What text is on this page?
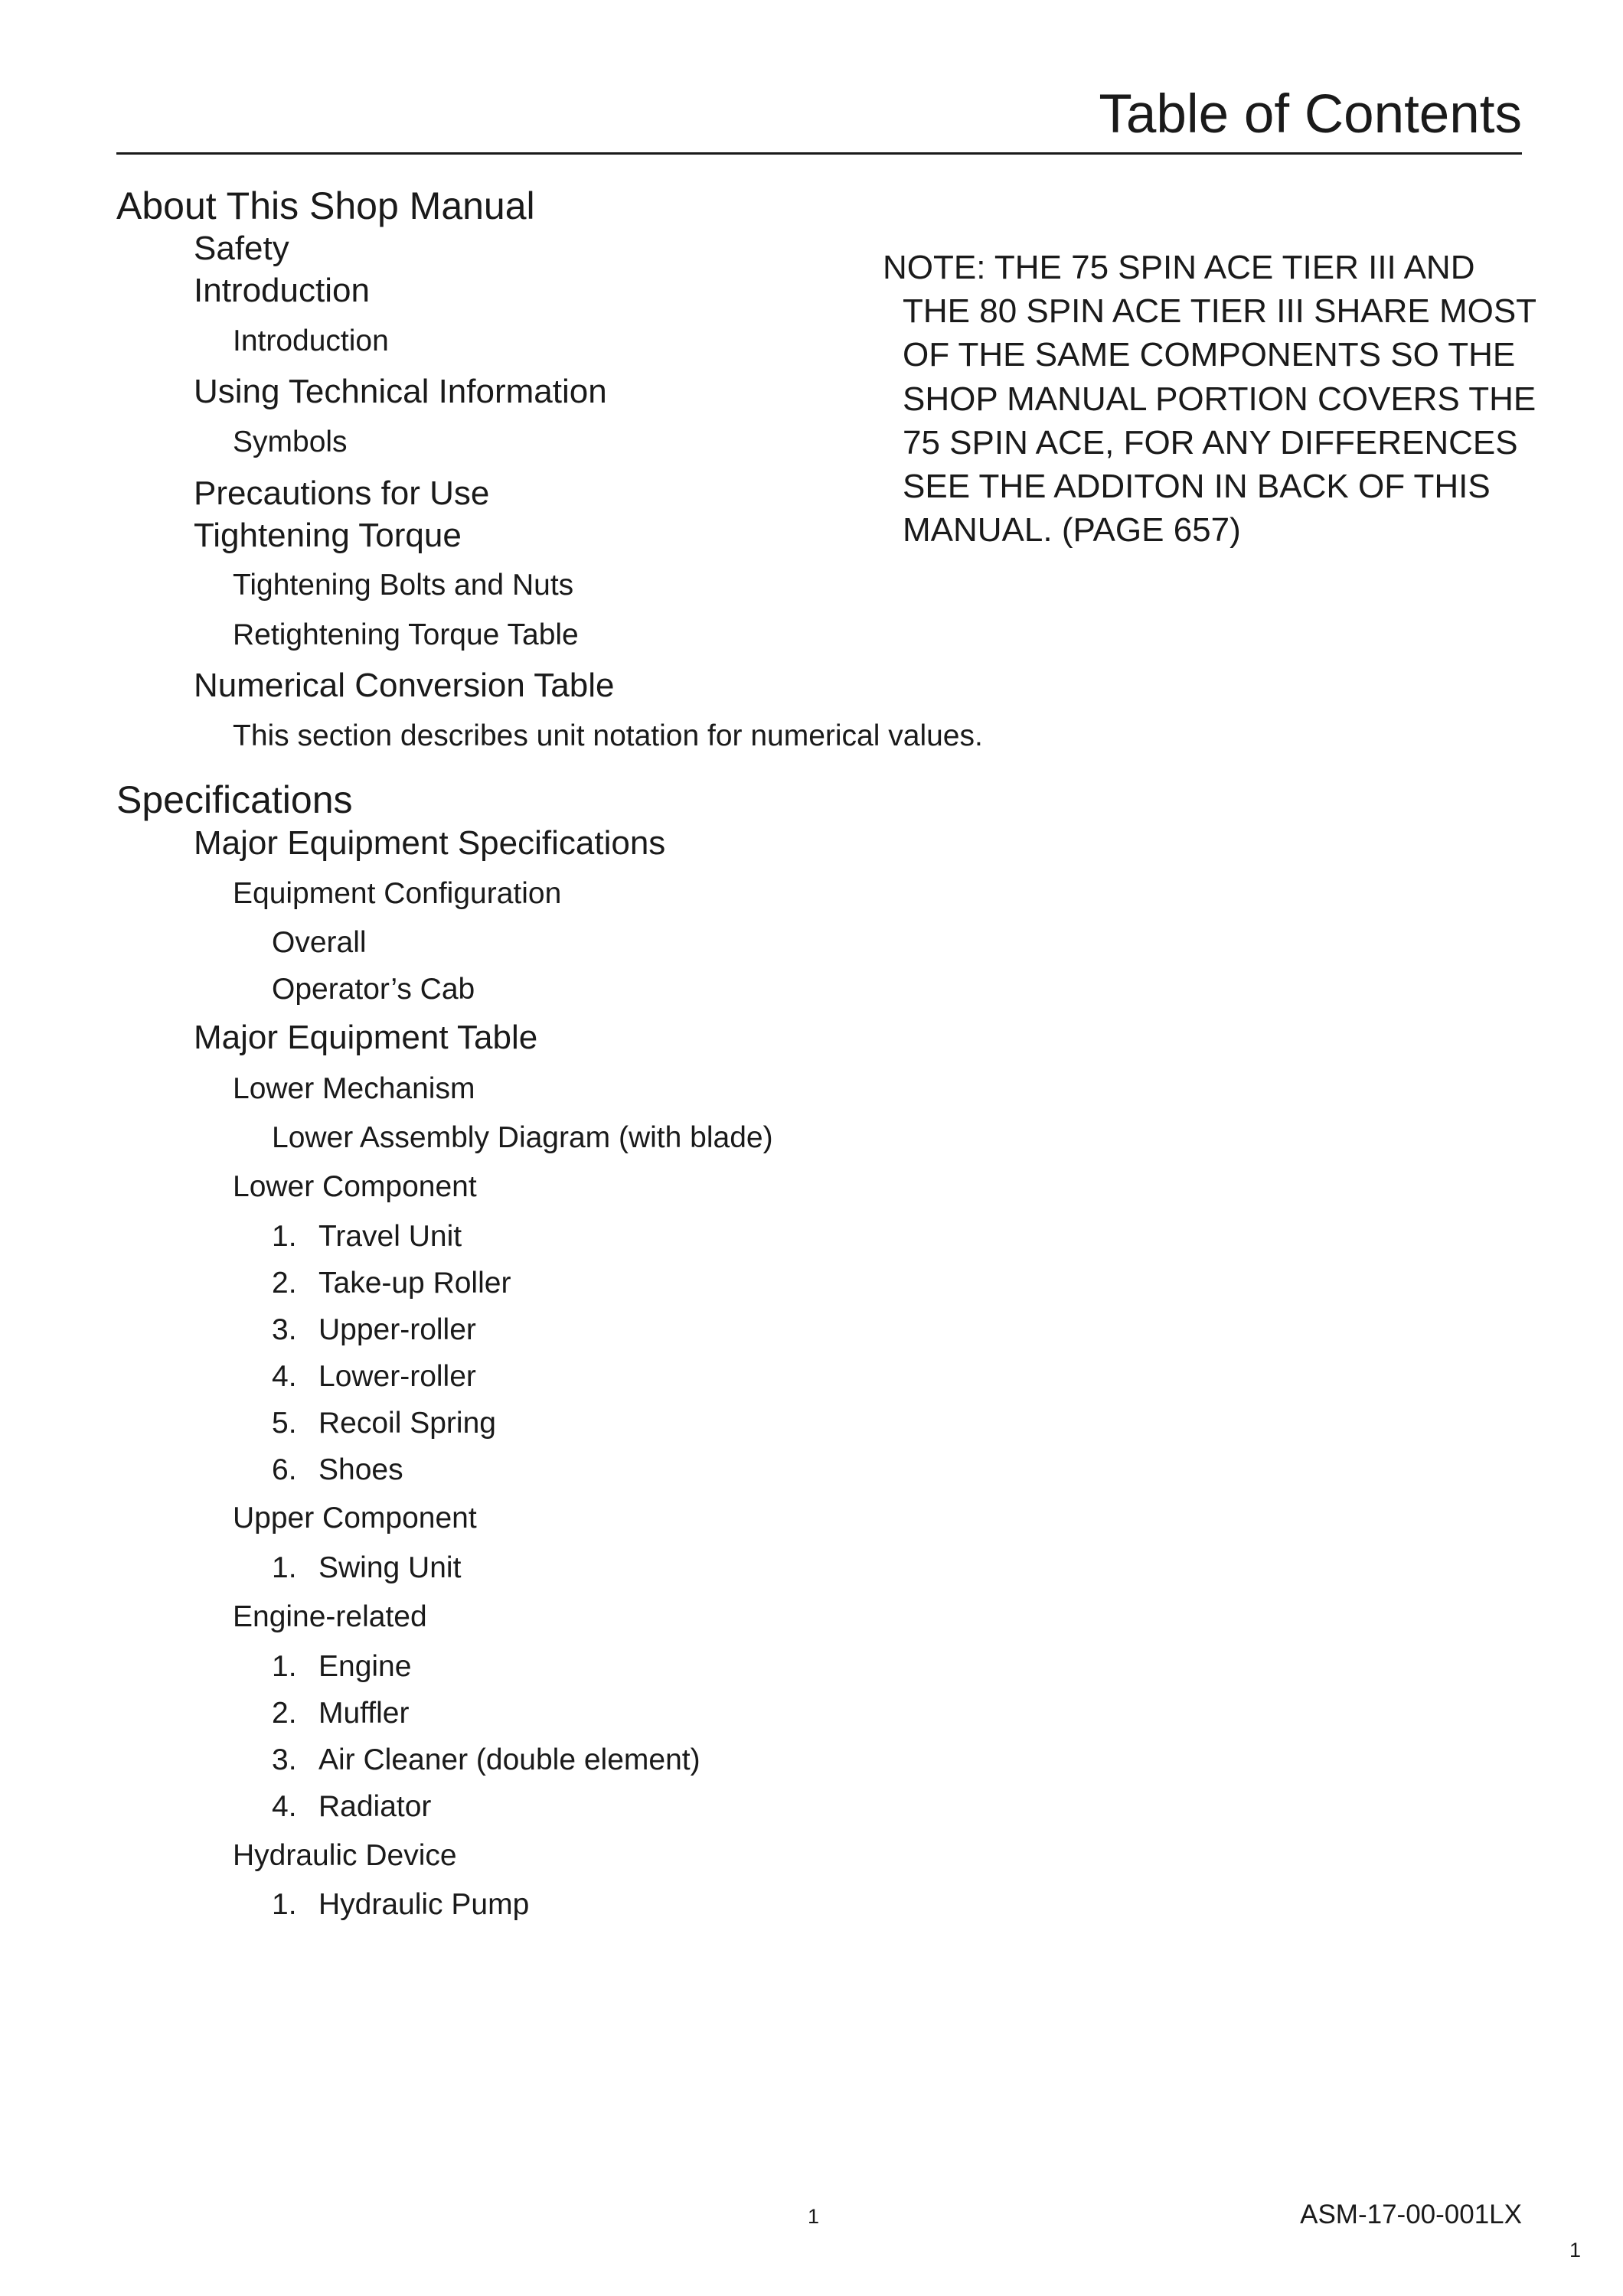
Table of Contents
About This Shop Manual
Safety
Introduction
Introduction
Using Technical Information
Symbols
Precautions for Use
Tightening Torque
Tightening Bolts and Nuts
Retightening Torque Table
Numerical Conversion Table
This section describes unit notation for numerical values.
NOTE: THE 75 SPIN ACE TIER III AND THE 80 SPIN ACE TIER III SHARE MOST OF THE SAME COMPONENTS SO THE SHOP MANUAL PORTION COVERS THE 75 SPIN ACE, FOR ANY DIFFERENCES SEE THE ADDITON IN BACK OF THIS MANUAL. (PAGE 657)
Specifications
Major Equipment Specifications
Equipment Configuration
Overall
Operator’s Cab
Major Equipment Table
Lower Mechanism
Lower Assembly Diagram (with blade)
Lower Component
1. Travel Unit
2. Take-up Roller
3. Upper-roller
4. Lower-roller
5. Recoil Spring
6. Shoes
Upper Component
1. Swing Unit
Engine-related
1. Engine
2. Muffler
3. Air Cleaner (double element)
4. Radiator
Hydraulic Device
1. Hydraulic Pump
1	ASM-17-00-001LX
1
